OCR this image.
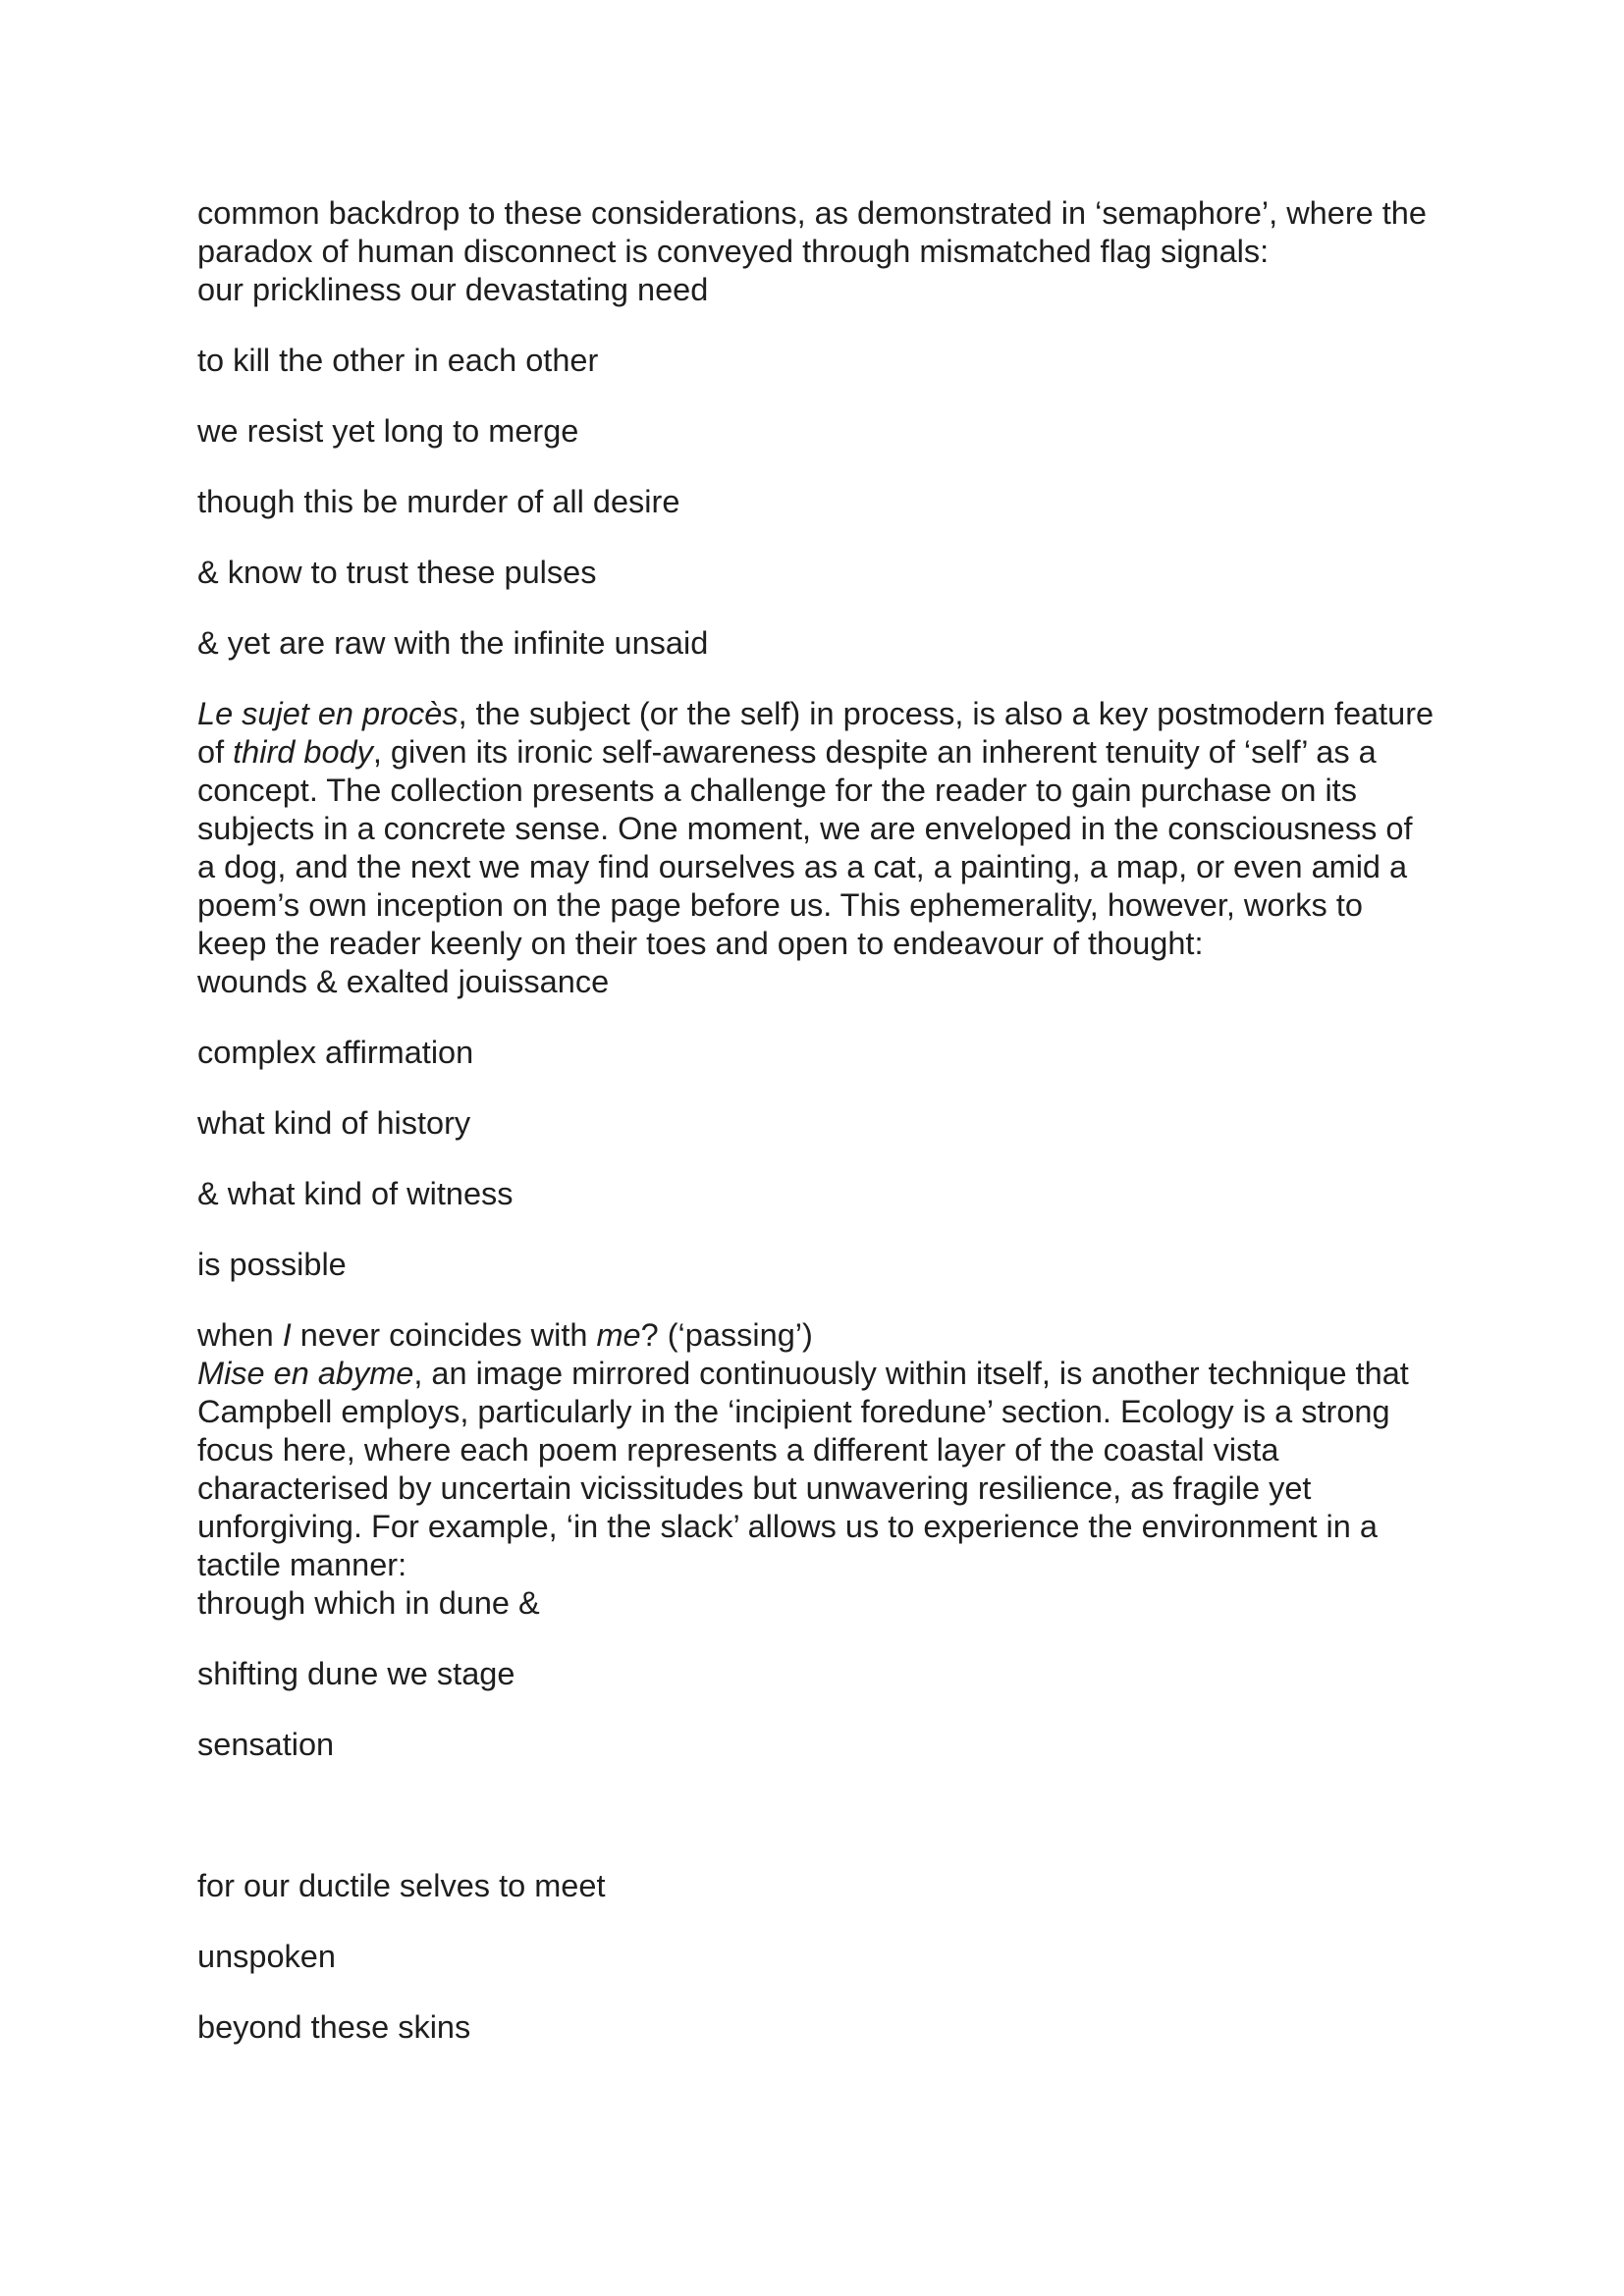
common backdrop to these considerations, as demonstrated in ‘semaphore’, where the paradox of human disconnect is conveyed through mismatched flag signals:

our prickliness our devastating need

to kill the other in each other

we resist yet long to merge

though this be murder of all desire

& know to trust these pulses

& yet are raw with the infinite unsaid

Le sujet en procès, the subject (or the self) in process, is also a key postmodern feature of third body, given its ironic self-awareness despite an inherent tenuity of ‘self’ as a concept. The collection presents a challenge for the reader to gain purchase on its subjects in a concrete sense. One moment, we are enveloped in the consciousness of a dog, and the next we may find ourselves as a cat, a painting, a map, or even amid a poem’s own inception on the page before us. This ephemerality, however, works to keep the reader keenly on their toes and open to endeavour of thought:

wounds & exalted jouissance

complex affirmation

what kind of history

& what kind of witness

is possible

when I never coincides with me? (‘passing’)

Mise en abyme, an image mirrored continuously within itself, is another technique that Campbell employs, particularly in the ‘incipient foredune’ section. Ecology is a strong focus here, where each poem represents a different layer of the coastal vista characterised by uncertain vicissitudes but unwavering resilience, as fragile yet unforgiving. For example, ‘in the slack’ allows us to experience the environment in a tactile manner:

through which in dune &

shifting dune we stage

sensation

for our ductile selves to meet

unspoken

beyond these skins
